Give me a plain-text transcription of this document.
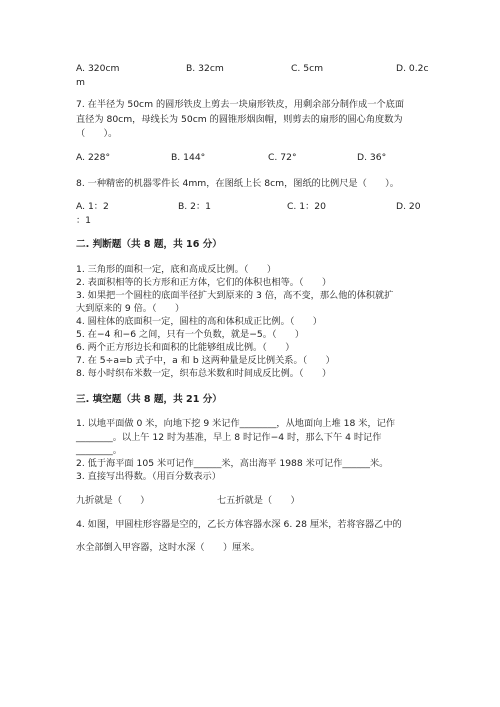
A. 320cm	B. 32cm	C. 5cm	D. 0.2c
m
7. 在半径为 50cm 的圆形铁皮上剪去一块扇形铁皮，用剩余部分制作成一个底面
直径为 80cm，母线长为 50cm 的圆锥形烟囱帽，则剪去的扇形的圆心角度数为
（　　）。
A. 228°	B. 144°	C. 72°	D. 36°
8. 一种精密的机器零件长 4mm，在图纸上长 8cm，图纸的比例尺是（　　）。
A. 1：2	B. 2：1	C. 1：20	D. 20
：1
二. 判断题（共 8 题，共 16 分）
1. 三角形的面积一定，底和高成反比例。（　　）
2. 表面积相等的长方形和正方体，它们的体积也相等。（　　）
3. 如果把一个圆柱的底面半径扩大到原来的 3 倍，高不变，那么他的体积就扩
大到原来的 9 倍。（　　）
4. 圆柱体的底面积一定，圆柱的高和体积成正比例。（　　）
5. 在−4 和−6 之间，只有一个负数，就是−5。（　　）
6. 两个正方形边长和面积的比能够组成比例。（　　）
7. 在 5÷a=b 式子中，a 和 b 这两种量是反比例关系。（　　）
8. 每小时织布米数一定，织布总米数和时间成反比例。（　　）
三. 填空题（共 8 题，共 21 分）
1. 以地平面做 0 米，向地下挖 9 米记作________，从地面向上堆 18 米，记作
________。以上午 12 时为基准，早上 8 时记作−4 时，那么下午 4 时记作
________。
2. 低于海平面 105 米可记作______米，高出海平 1988 米可记作______米。
3. 直接写出得数。（用百分数表示）
九折就是（　　）	七五折就是（　　）
4. 如图，甲圆柱形容器是空的，乙长方体容器水深 6. 28 厘米，若将容器乙中的
水全部倒入甲容器，这时水深（　　）厘米。
